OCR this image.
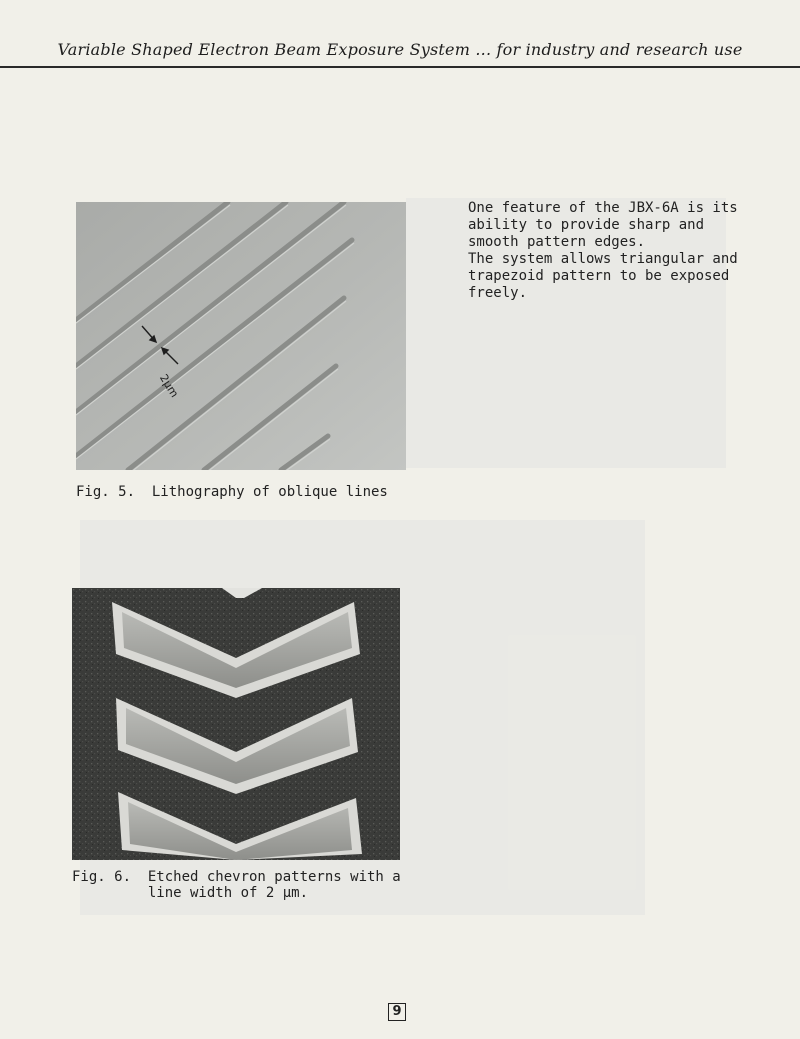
Variable Shaped Electron Beam Exposure System ... for industry and research use
2µm
Fig. 5.  Lithography of oblique lines
Fig. 6.  Etched chevron patterns with a
line width of 2 µm.

One feature of the JBX-6A is its ability to provide sharp and smooth pattern edges.

The system allows triangular and trapezoid pattern to be exposed freely.

9
